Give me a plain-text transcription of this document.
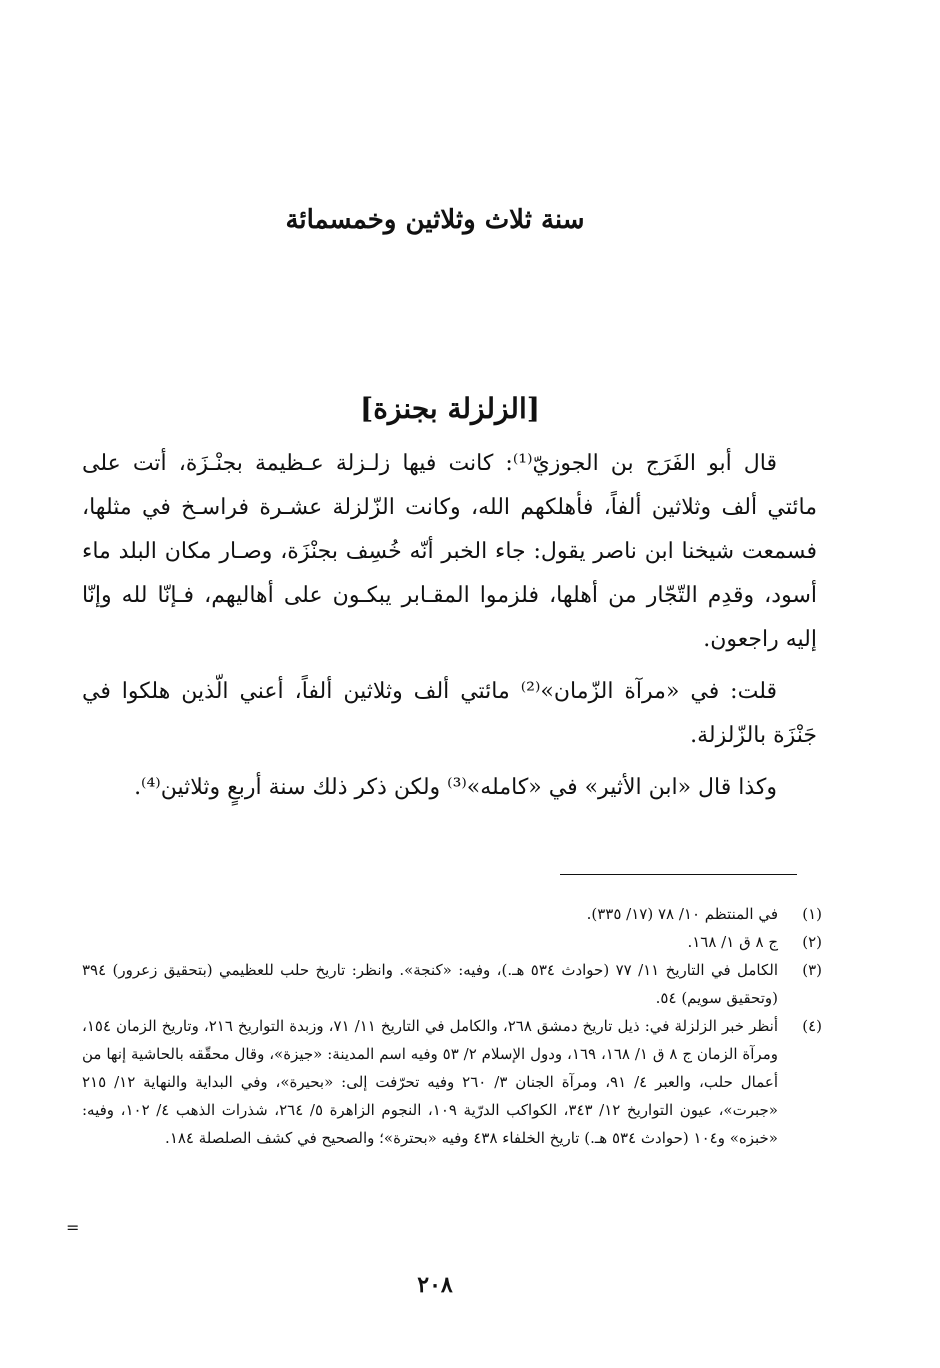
سنة ثلاث وثلاثين وخمسمائة
[الزلزلة بجنزة]

قال أبو الفَرَج بن الجوزيّ⁽¹⁾: كانت فيها زلـزلة عـظيمة بجنْـزَة، أتت على مائتي ألف وثلاثين ألفاً، فأهلكهم الله، وكانت الزّلزلة عشـرة فراسـخ في مثلها، فسمعت شيخنا ابن ناصر يقول: جاء الخبر أنّه خُسِف بجنْزَة، وصـار مكان البلد ماء أسود، وقدِم التّجّار من أهلها، فلزموا المقـابر يبكـون على أهاليهم، فـإنّا لله وإنّا إليه راجعون.

قلت: في «مرآة الزّمان»⁽²⁾ مائتي ألف وثلاثين ألفاً، أعني الّذين هلكوا في جَنْزَة بالزّلزلة.

وكذا قال «ابن الأثير» في «كامله»⁽³⁾ ولكن ذكر ذلك سنة أربعٍ وثلاثين⁽⁴⁾.

(١)
في المنتظم ١٠/ ٧٨ (١٧/ ٣٣٥).
(٢)
ج ٨ ق ١/ ١٦٨.
(٣)
الكامل في التاريخ ١١/ ٧٧ (حوادث ٥٣٤ هـ.)، وفيه: «كنجة». وانظر: تاريخ حلب للعظيمي (بتحقيق زعرور) ٣٩٤ (وتحقيق سويم) ٥٤.
(٤)
أنظر خبر الزلزلة في: ذيل تاريخ دمشق ٢٦٨، والكامل في التاريخ ١١/ ٧١، وزبدة التواريخ ٢١٦، وتاريخ الزمان ١٥٤، ومرآة الزمان ج ٨ ق ١/ ١٦٨، ١٦٩، ودول الإسلام ٢/ ٥٣ وفيه اسم المدينة: «جيزة»، وقال محقّقه بالحاشية إنها من أعمال حلب، والعبر ٤/ ٩١، ومرآة الجنان ٣/ ٢٦٠ وفيه تحرّفت إلى: «بحيرة»، وفي البداية والنهاية ١٢/ ٢١٥ «جبرت»، عيون التواريخ ١٢/ ٣٤٣، الكواكب الدرّية ١٠٩، النجوم الزاهرة ٥/ ٢٦٤، شذرات الذهب ٤/ ١٠٢، وفيه: «خبزه» و١٠٤ (حوادث ٥٣٤ هـ.) تاريخ الخلفاء ٤٣٨ وفيه «بحترة»؛ والصحيح في كشف الصلصلة ١٨٤.
=
٢٠٨
